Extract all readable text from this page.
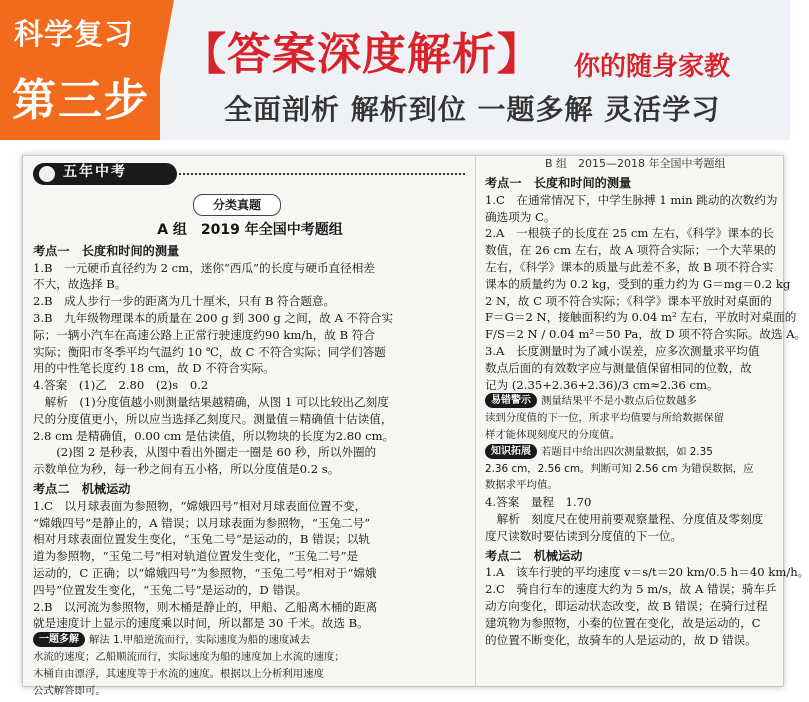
科学复习
第三步
【答案深度解析】 你的随身家教
全面剖析 解析到位 一题多解 灵活学习
五年中考
分类真题
A 组　2019 年全国中考题组
考点一　长度和时间的测量
1.B　一元硬币直径约为 2 cm，迷你“西瓜”的长度与硬币直径相差
不大，故选择 B。
2.B　成人步行一步的距离为几十厘米，只有 B 符合题意。
3.B　九年级物理课本的质量在 200 g 到 300 g 之间，故 A 不符合实
际；一辆小汽车在高速公路上正常行驶速度约90 km/h，故 B 符合
实际；衡阳市冬季平均气温约 10 ℃，故 C 不符合实际；同学们答题
用的中性笔长度约 18 cm，故 D 不符合实际。
4.答案　(1)乙　2.80　(2)s　0.2
　解析　(1)分度值越小则测量结果越精确，从图 1 可以比较出乙刻度
尺的分度值更小，所以应当选择乙刻度尺。测量值＝精确值十估读值，
2.8 cm 是精确值，0.00 cm 是估读值，所以物块的长度为2.80 cm。
　　(2)图 2 是秒表，从图中看出外圈走一圈是 60 秒，所以外圈的
示数单位为秒，每一秒之间有五小格，所以分度值是0.2 s。
考点二　机械运动
1.C　以月球表面为参照物，“嫦娥四号”相对月球表面位置不变，
“嫦娥四号”是静止的，A 错误；以月球表面为参照物，“玉兔二号”
相对月球表面位置发生变化，“玉兔二号”是运动的，B 错误；以轨
道为参照物，“玉兔二号”相对轨道位置发生变化，“玉兔二号”是
运动的，C 正确；以“嫦娥四号”为参照物，“玉兔二号”相对于“嫦娥
四号”位置发生变化，“玉兔二号”是运动的，D 错误。
2.B　以河流为参照物，则木桶是静止的，甲船、乙船离木桶的距离
就是速度计上显示的速度乘以时间，所以都是 30 千米。故选 B。
一题多解 解法 1.甲船逆流而行，实际速度为船的速度减去
水流的速度；乙船顺流而行，实际速度为船的速度加上水流的速度；
木桶自由漂浮，其速度等于水流的速度。根据以上分析利用速度
公式解答即可。
B 组　2015—2018 年全国中考题组
考点一　长度和时间的测量
1.C　在通常情况下，中学生脉搏 1 min 跳动的次数约为
确选项为 C。
2.A　一根筷子的长度在 25 cm 左右，《科学》课本的长
数值，在 26 cm 左右，故 A 项符合实际；一个大苹果的
左右，《科学》课本的质量与此差不多，故 B 项不符合实
课本的质量约为 0.2 kg，受到的重力约为 G＝mg＝0.2 kg
2 N，故 C 项不符合实际；《科学》课本平放时对桌面的
F＝G＝2 N，接触面积约为 0.04 m² 左右，平放时对桌面的
F/S＝2 N / 0.04 m²＝50 Pa，故 D 项不符合实际。故选 A。
3.A　长度测量时为了减小误差，应多次测量求平均值
数点后面的有效数字应与测量值保留相同的位数，故
记为 (2.35+2.36+2.36)/3 cm≈2.36 cm。
易错警示 测量结果平不是小数点后位数越多
读到分度值的下一位，所求平均值要与所给数据保留
样才能体现刻度尺的分度值。
知识拓展 若题目中给出四次测量数据，如 2.35
2.36 cm，2.56 cm。判断可知 2.56 cm 为错误数据，应
数据求平均值。
4.答案　量程　1.70
　解析　刻度尺在使用前要观察量程、分度值及零刻度
度尺读数时要估读到分度值的下一位。
考点二　机械运动
1.A　该车行驶的平均速度 v＝s/t＝20 km/0.5 h＝40 km/h。
2.C　骑自行车的速度大约为 5 m/s，故 A 错误；骑车乒
动方向变化，即运动状态改变，故 B 错误；在骑行过程
建筑物为参照物，小秦的位置在变化，故是运动的，C
的位置不断变化，故骑车的人是运动的，故 D 错误。
